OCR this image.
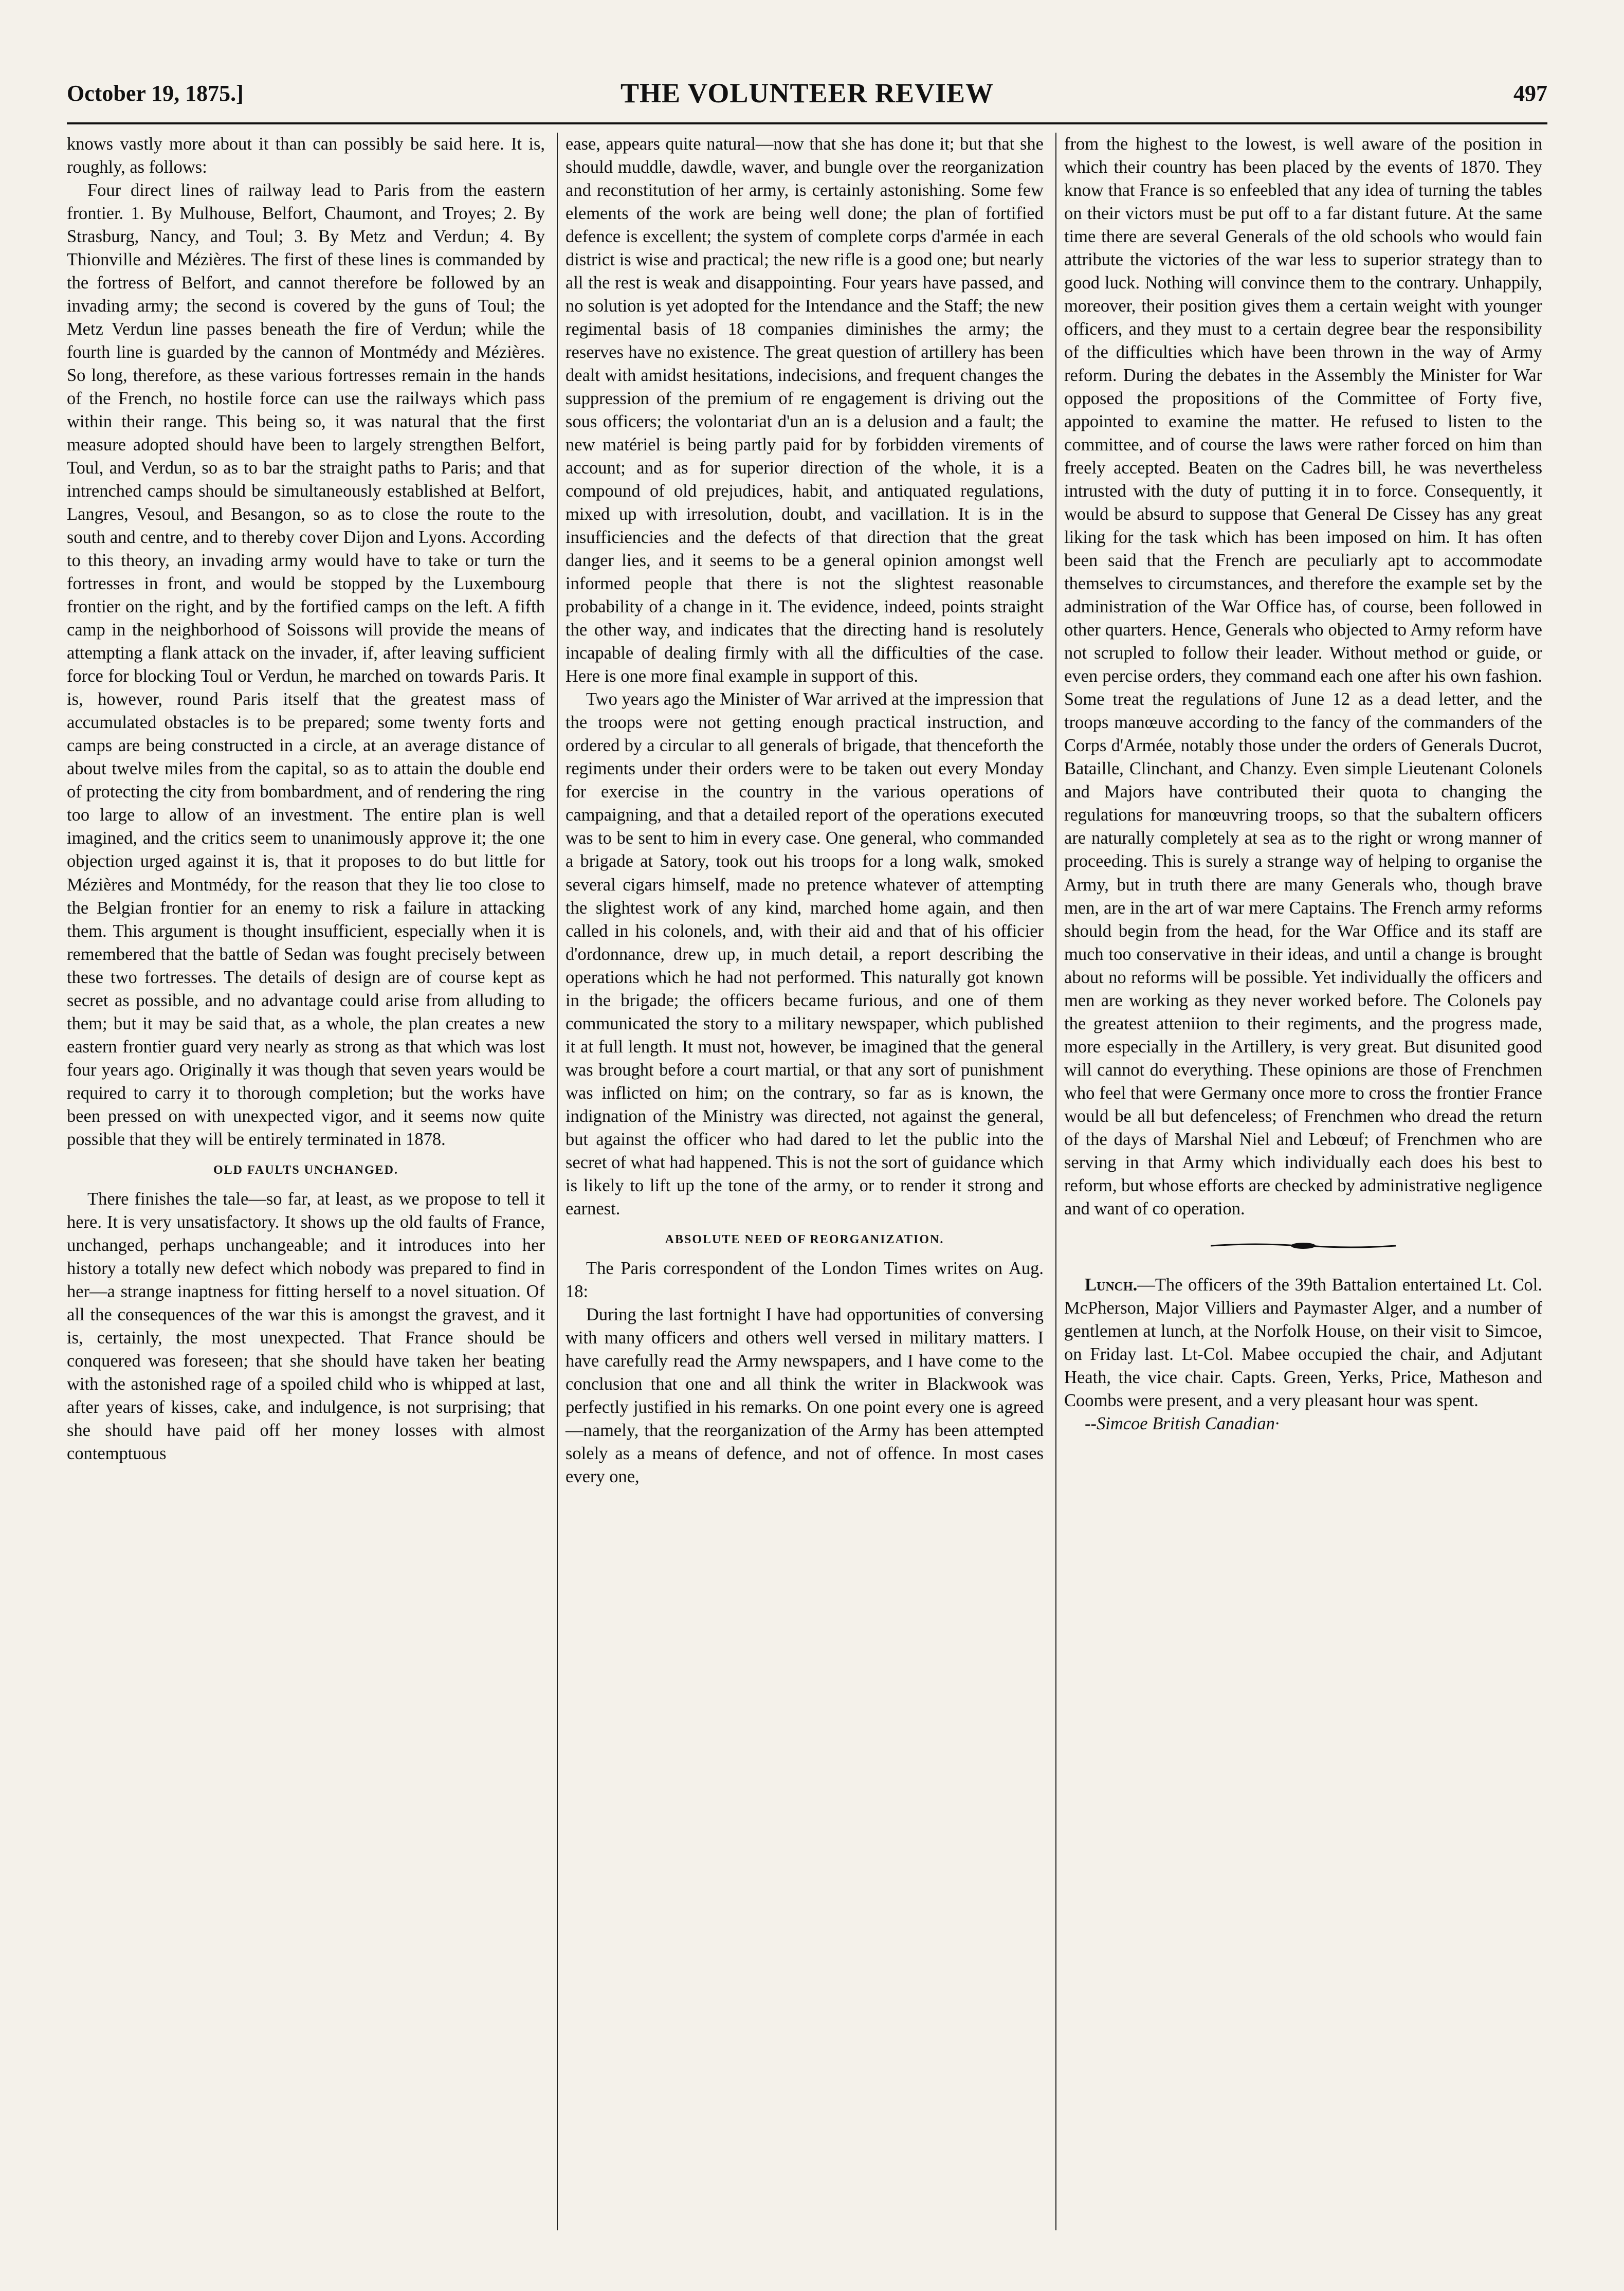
October 19, 1875.]	THE VOLUNTEER REVIEW	497

knows vastly more about it than can possibly be said here. It is, roughly, as follows:

Four direct lines of railway lead to Paris from the eastern frontier. 1. By Mulhouse, Belfort, Chaumont, and Troyes; 2. By Strasburg, Nancy, and Toul; 3. By Metz and Verdun; 4. By Thionville and Mézières. The first of these lines is commanded by the fortress of Belfort, and cannot therefore be followed by an invading army; the second is covered by the guns of Toul; the Metz Verdun line passes beneath the fire of Verdun; while the fourth line is guarded by the cannon of Montmédy and Mézières. So long, therefore, as these various fortresses remain in the hands of the French, no hostile force can use the railways which pass within their range. This being so, it was natural that the first measure adopted should have been to largely strengthen Belfort, Toul, and Verdun, so as to bar the straight paths to Paris; and that intrenched camps should be simultaneously established at Belfort, Langres, Vesoul, and Besangon, so as to close the route to the south and centre, and to thereby cover Dijon and Lyons. According to this theory, an invading army would have to take or turn the fortresses in front, and would be stopped by the Luxembourg frontier on the right, and by the fortified camps on the left. A fifth camp in the neighborhood of Soissons will provide the means of attempting a flank attack on the invader, if, after leaving sufficient force for blocking Toul or Verdun, he marched on towards Paris. It is, however, round Paris itself that the greatest mass of accumulated obstacles is to be prepared; some twenty forts and camps are being constructed in a circle, at an average distance of about twelve miles from the capital, so as to attain the double end of protecting the city from bombardment, and of rendering the ring too large to allow of an investment. The entire plan is well imagined, and the critics seem to unanimously approve it; the one objection urged against it is, that it proposes to do but little for Mézières and Montmédy, for the reason that they lie too close to the Belgian frontier for an enemy to risk a failure in attacking them. This argument is thought insufficient, especially when it is remembered that the battle of Sedan was fought precisely between these two fortresses. The details of design are of course kept as secret as possible, and no advantage could arise from alluding to them; but it may be said that, as a whole, the plan creates a new eastern frontier guard very nearly as strong as that which was lost four years ago. Originally it was though that seven years would be required to carry it to thorough completion; but the works have been pressed on with unexpected vigor, and it seems now quite possible that they will be entirely terminated in 1878.

OLD FAULTS UNCHANGED.

There finishes the tale—so far, at least, as we propose to tell it here. It is very unsatisfactory. It shows up the old faults of France, unchanged, perhaps unchangeable; and it introduces into her history a totally new defect which nobody was prepared to find in her—a strange inaptness for fitting herself to a novel situation. Of all the consequences of the war this is amongst the gravest, and it is, certainly, the most unexpected. That France should be conquered was foreseen; that she should have taken her beating with the astonished rage of a spoiled child who is whipped at last, after years of kisses, cake, and indulgence, is not surprising; that she should have paid off her money losses with almost contemptuous

ease, appears quite natural—now that she has done it; but that she should muddle, dawdle, waver, and bungle over the reorganization and reconstitution of her army, is certainly astonishing. Some few elements of the work are being well done; the plan of fortified defence is excellent; the system of complete corps d'armée in each district is wise and practical; the new rifle is a good one; but nearly all the rest is weak and disappointing. Four years have passed, and no solution is yet adopted for the Intendance and the Staff; the new regimental basis of 18 companies diminishes the army; the reserves have no existence. The great question of artillery has been dealt with amidst hesitations, indecisions, and frequent changes the suppression of the premium of re engagement is driving out the sous officers; the volontariat d'un an is a delusion and a fault; the new matériel is being partly paid for by forbidden virements of account; and as for superior direction of the whole, it is a compound of old prejudices, habit, and antiquated regulations, mixed up with irresolution, doubt, and vacillation. It is in the insufficiencies and the defects of that direction that the great danger lies, and it seems to be a general opinion amongst well informed people that there is not the slightest reasonable probability of a change in it. The evidence, indeed, points straight the other way, and indicates that the directing hand is resolutely incapable of dealing firmly with all the difficulties of the case. Here is one more final example in support of this.

Two years ago the Minister of War arrived at the impression that the troops were not getting enough practical instruction, and ordered by a circular to all generals of brigade, that thenceforth the regiments under their orders were to be taken out every Monday for exercise in the country in the various operations of campaigning, and that a detailed report of the operations executed was to be sent to him in every case. One general, who commanded a brigade at Satory, took out his troops for a long walk, smoked several cigars himself, made no pretence whatever of attempting the slightest work of any kind, marched home again, and then called in his colonels, and, with their aid and that of his officier d'ordonnance, drew up, in much detail, a report describing the operations which he had not performed. This naturally got known in the brigade; the officers became furious, and one of them communicated the story to a military newspaper, which published it at full length. It must not, however, be imagined that the general was brought before a court martial, or that any sort of punishment was inflicted on him; on the contrary, so far as is known, the indignation of the Ministry was directed, not against the general, but against the officer who had dared to let the public into the secret of what had happened. This is not the sort of guidance which is likely to lift up the tone of the army, or to render it strong and earnest.

ABSOLUTE NEED OF REORGANIZATION.

The Paris correspondent of the London Times writes on Aug. 18:

During the last fortnight I have had opportunities of conversing with many officers and others well versed in military matters. I have carefully read the Army newspapers, and I have come to the conclusion that one and all think the writer in Blackwook was perfectly justified in his remarks. On one point every one is agreed—namely, that the reorganization of the Army has been attempted solely as a means of defence, and not of offence. In most cases every one,

from the highest to the lowest, is well aware of the position in which their country has been placed by the events of 1870. They know that France is so enfeebled that any idea of turning the tables on their victors must be put off to a far distant future. At the same time there are several Generals of the old schools who would fain attribute the victories of the war less to superior strategy than to good luck. Nothing will convince them to the contrary. Unhappily, moreover, their position gives them a certain weight with younger officers, and they must to a certain degree bear the responsibility of the difficulties which have been thrown in the way of Army reform. During the debates in the Assembly the Minister for War opposed the propositions of the Committee of Forty five, appointed to examine the matter. He refused to listen to the committee, and of course the laws were rather forced on him than freely accepted. Beaten on the Cadres bill, he was nevertheless intrusted with the duty of putting it in to force. Consequently, it would be absurd to suppose that General De Cissey has any great liking for the task which has been imposed on him. It has often been said that the French are peculiarly apt to accommodate themselves to circumstances, and therefore the example set by the administration of the War Office has, of course, been followed in other quarters. Hence, Generals who objected to Army reform have not scrupled to follow their leader. Without method or guide, or even percise orders, they command each one after his own fashion. Some treat the regulations of June 12 as a dead letter, and the troops manœuve according to the fancy of the commanders of the Corps d'Armée, notably those under the orders of Generals Ducrot, Bataille, Clinchant, and Chanzy. Even simple Lieutenant Colonels and Majors have contributed their quota to changing the regulations for manœuvring troops, so that the subaltern officers are naturally completely at sea as to the right or wrong manner of proceeding. This is surely a strange way of helping to organise the Army, but in truth there are many Generals who, though brave men, are in the art of war mere Captains. The French army reforms should begin from the head, for the War Office and its staff are much too conservative in their ideas, and until a change is brought about no reforms will be possible. Yet individually the officers and men are working as they never worked before. The Colonels pay the greatest atteniion to their regiments, and the progress made, more especially in the Artillery, is very great. But disunited good will cannot do everything. These opinions are those of Frenchmen who feel that were Germany once more to cross the frontier France would be all but defenceless; of Frenchmen who dread the return of the days of Marshal Niel and Lebœuf; of Frenchmen who are serving in that Army which individually each does his best to reform, but whose efforts are checked by administrative negligence and want of co operation.

Lunch.—The officers of the 39th Battalion entertained Lt. Col. McPherson, Major Villiers and Paymaster Alger, and a number of gentlemen at lunch, at the Norfolk House, on their visit to Simcoe, on Friday last. Lt-Col. Mabee occupied the chair, and Adjutant Heath, the vice chair. Capts. Green, Yerks, Price, Matheson and Coombs were present, and a very pleasant hour was spent.

--Simcoe British Canadian·
